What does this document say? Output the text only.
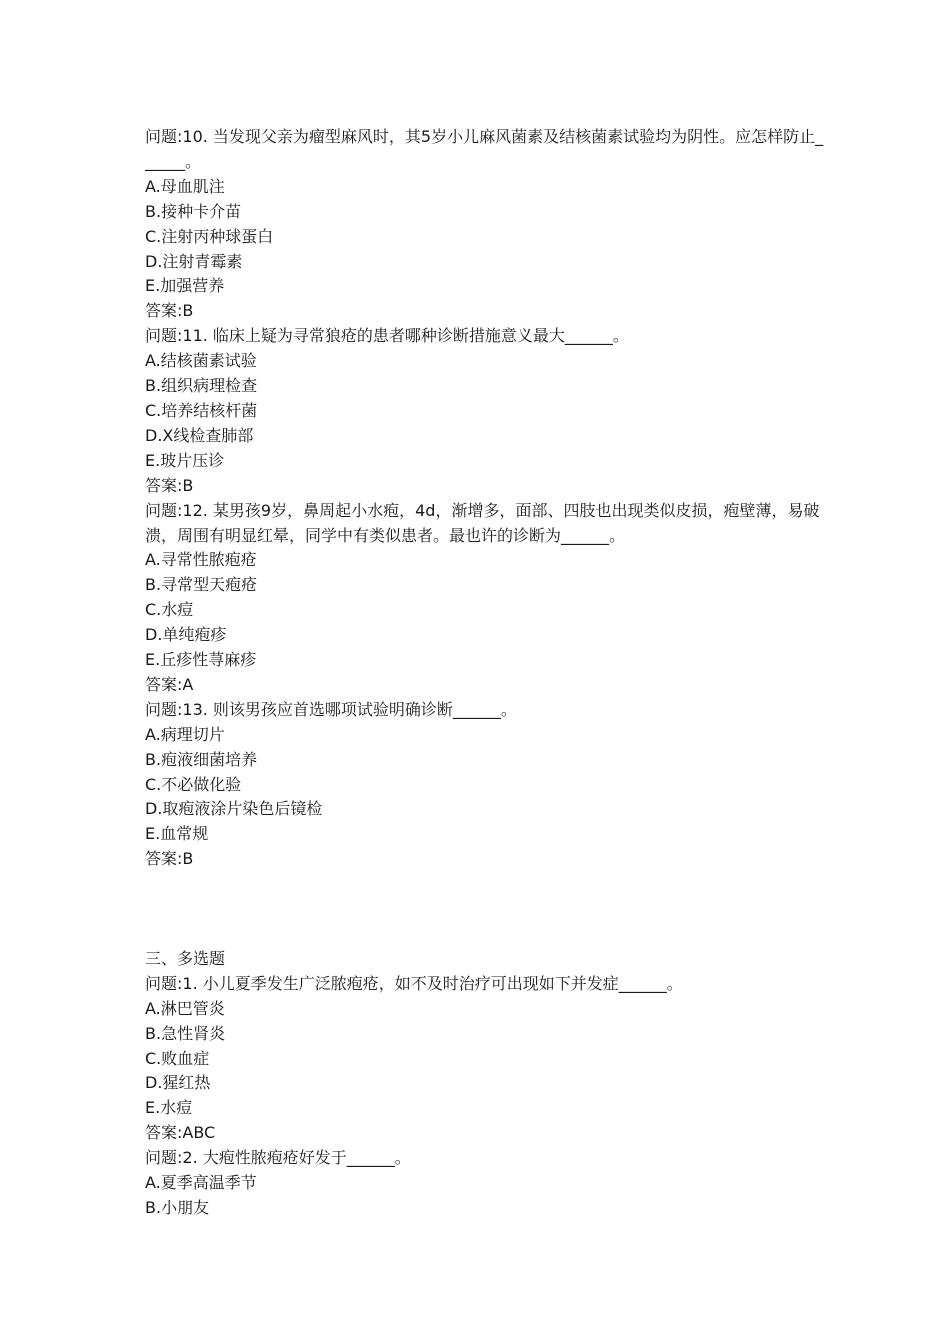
问题:10. 当发现父亲为瘤型麻风时，其5岁小儿麻风菌素及结核菌素试验均为阴性。应怎样防止______。

A.母血肌注

B.接种卡介苗

C.注射丙种球蛋白

D.注射青霉素

E.加强营养

答案:B

问题:11. 临床上疑为寻常狼疮的患者哪种诊断措施意义最大______。

A.结核菌素试验

B.组织病理检查

C.培养结核杆菌

D.X线检查肺部

E.玻片压诊

答案:B

问题:12. 某男孩9岁，鼻周起小水疱，4d，渐增多，面部、四肢也出现类似皮损，疱壁薄，易破溃，周围有明显红晕，同学中有类似患者。最也许的诊断为______。

A.寻常性脓疱疮

B.寻常型天疱疮

C.水痘

D.单纯疱疹

E.丘疹性荨麻疹

答案:A

问题:13. 则该男孩应首选哪项试验明确诊断______。

A.病理切片

B.疱液细菌培养

C.不必做化验

D.取疱液涂片染色后镜检

E.血常规

答案:B

三、多选题

问题:1. 小儿夏季发生广泛脓疱疮，如不及时治疗可出现如下并发症______。

A.淋巴管炎

B.急性肾炎

C.败血症

D.猩红热

E.水痘

答案:ABC

问题:2. 大疱性脓疱疮好发于______。

A.夏季高温季节

B.小朋友
